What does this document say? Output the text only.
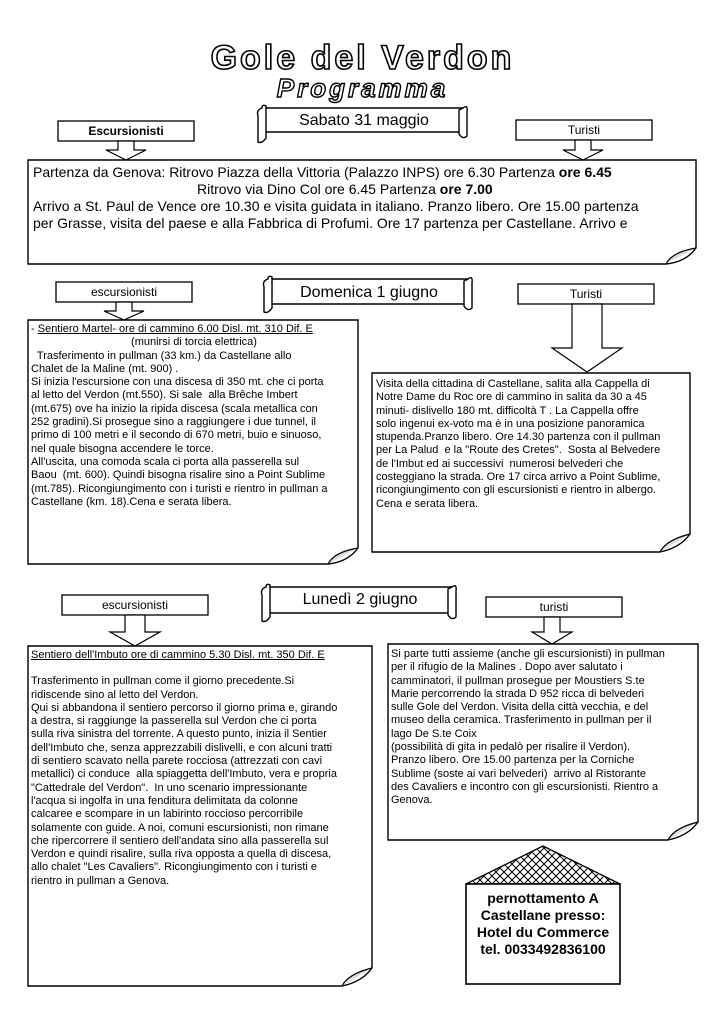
Gole del Verdon
Programma
Sabato 31 maggio
Escursionisti	Turisti
Partenza da Genova: Ritrovo Piazza della Vittoria (Palazzo INPS) ore 6.30 Partenza ore 6.45
Ritrovo via Dino Col ore 6.45 Partenza ore 7.00
Arrivo a St. Paul de Vence ore 10.30 e visita guidata in italiano. Pranzo libero. Ore 15.00 partenza
per Grasse, visita del paese e alla Fabbrica di Profumi. Ore 17 partenza per Castellane. Arrivo e
Domenica 1 giugno
escursionisti	Turisti

- Sentiero Martel- ore di cammino 6.00 Disl. mt. 310 Dif. E

(munirsi di torcia elettrica)

Trasferimento in pullman (33 km.) da Castellane allo
Chalet de la Maline (mt. 900) .
Si inizia l'escursione con una discesa di 350 mt. che ci porta
al letto del Verdon (mt.550). Si sale  alla Brêche Imbert
(mt.675) ove ha inizio la ripida discesa (scala metallica con
252 gradini).Si prosegue sino a raggiungere i due tunnel, il
primo di 100 metri e il secondo di 670 metri, buio e sinuoso,
nel quale bisogna accendere le torce.
All'uscita, una comoda scala ci porta alla passerella sul
Baou  (mt. 600). Quindi bisogna risalire sino a Point Sublime
(mt.785). Ricongiungimento con i turisti e rientro in pullman a
Castellane (km. 18).Cena e serata libera.
Visita della cittadina di Castellane, salita alla Cappella di
Notre Dame du Roc ore di cammino in salita da 30 a 45
minuti- dislivello 180 mt. difficoltà T . La Cappella offre
solo ingenui ex-voto ma è in una posizione panoramica
stupenda.Pranzo libero. Ore 14.30 partenza con il pullman
per La Palud  e la "Route des Cretes".  Sosta al Belvedere
de l'Imbut ed ai successivi  numerosi belvederi che
costeggiano la strada. Ore 17 circa arrivo a Point Sublime,
ricongiungimento con gli escursionisti e rientro in albergo.
Cena e serata libera.
Lunedì 2 giugno
escursionisti	turisti

Sentiero dell'Imbuto ore di cammino 5.30 Disl. mt. 350 Dif. E

Trasferimento in pullman come il giorno precedente.Si
ridiscende sino al letto del Verdon.
Qui si abbandona il sentiero percorso il giorno prima e, girando
a destra, si raggiunge la passerella sul Verdon che ci porta
sulla riva sinistra del torrente. A questo punto, inizia il Sentier
dell'Imbuto che, senza apprezzabili dislivelli, e con alcuni tratti
di sentiero scavato nella parete rocciosa (attrezzati con cavi
metallici) ci conduce  alla spiaggetta dell'Imbuto, vera e propria
"Cattedrale del Verdon".  In uno scenario impressionante
l'acqua si ingolfa in una fenditura delimitata da colonne
calcaree e scompare in un labirinto roccioso percorribile
solamente con guide. A noi, comuni escursionisti, non rimane
che ripercorrere il sentiero dell'andata sino alla passerella sul
Verdon e quindi risalire, sulla riva opposta a quella di discesa,
allo chalet "Les Cavaliers". Ricongiungimento con i turisti e
rientro in pullman a Genova.
Si parte tutti assieme (anche gli escursionisti) in pullman
per il rifugio de la Malines . Dopo aver salutato i
camminatori, il pullman prosegue per Moustiers S.te
Marie percorrendo la strada D 952 ricca di belvederi
sulle Gole del Verdon. Visita della città vecchia, e del
museo della ceramica. Trasferimento in pullman per il
lago De S.te Coix
(possibilità di gita in pedalò per risalire il Verdon).
Pranzo libero. Ore 15.00 partenza per la Corniche
Sublime (soste ai vari belvederi)  arrivo al Ristorante
des Cavaliers e incontro con gli escursionisti. Rientro a
Genova.
pernottamento A
Castellane presso:
Hotel du Commerce
tel. 0033492836100
